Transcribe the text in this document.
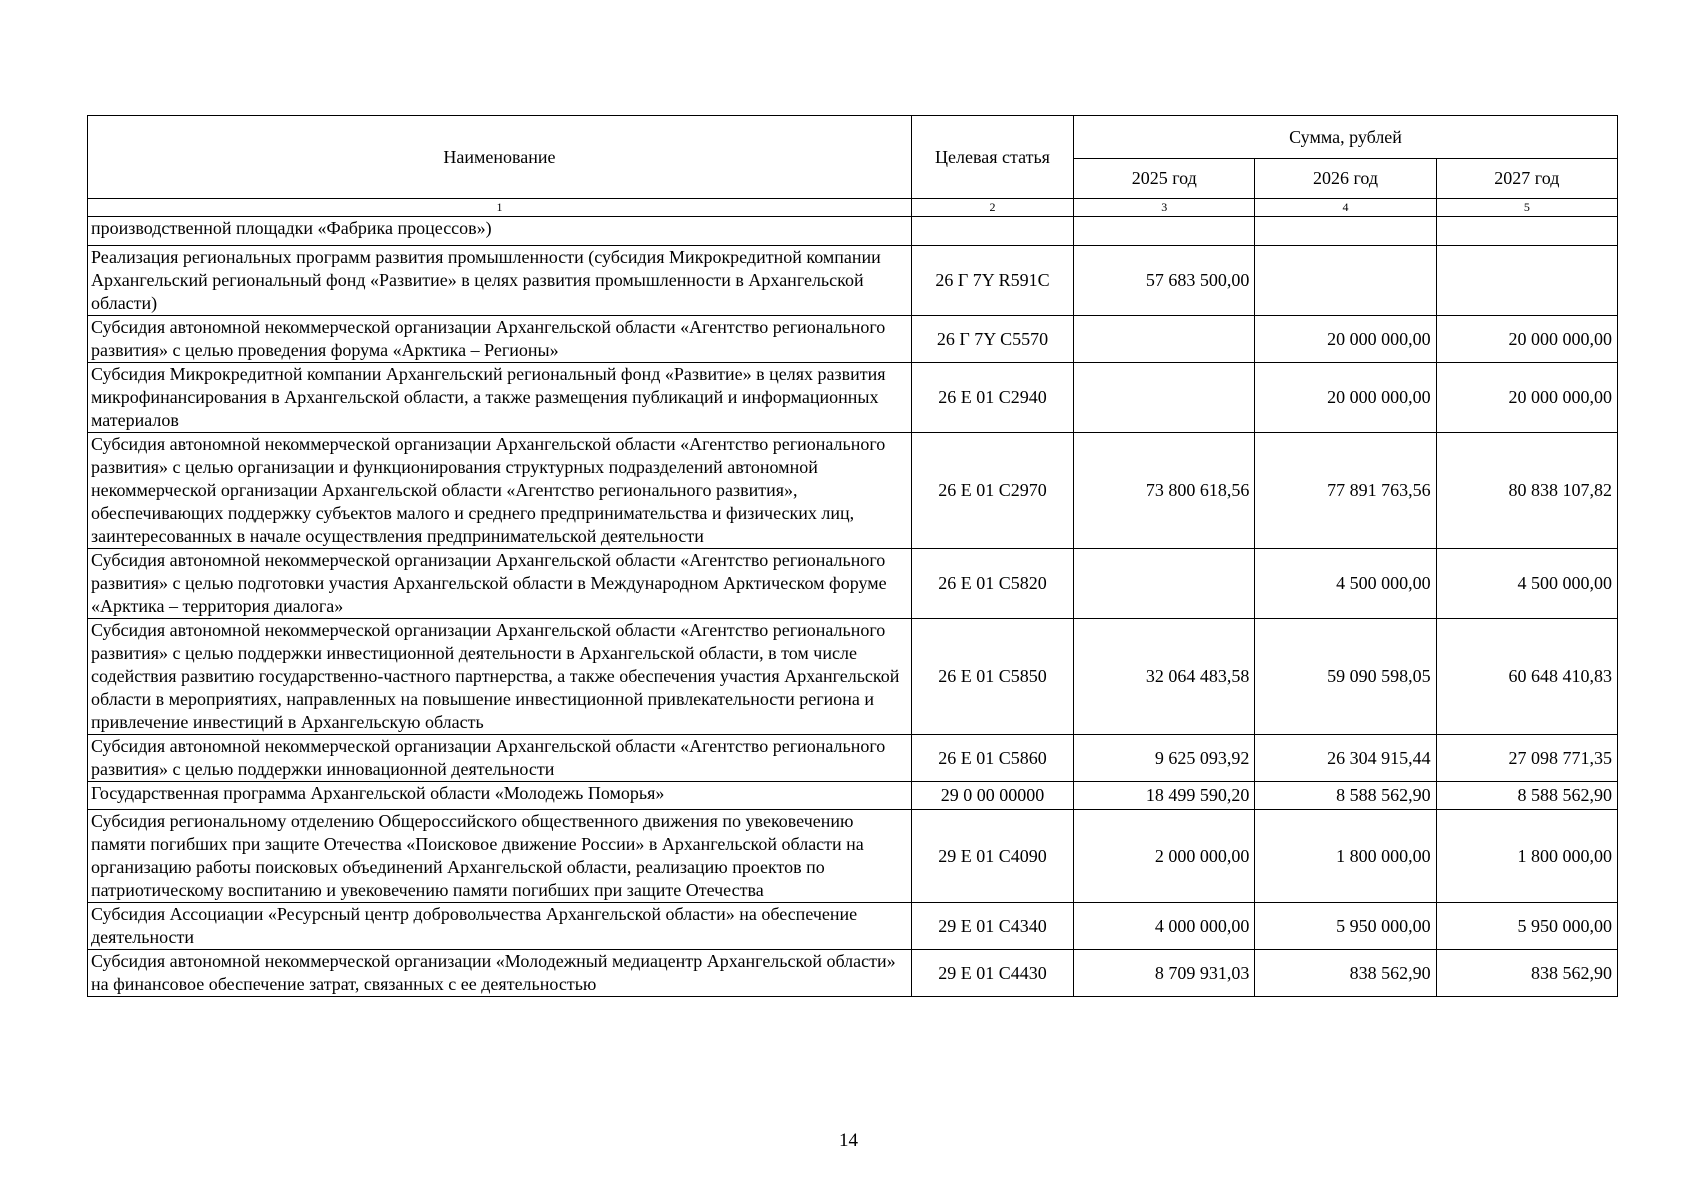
Наименование	Целевая статья	Сумма, рублей		
		2025 год	2026 год	2027 год
1	2	3	4	5
производственной площадки «Фабрика процессов»)				
Реализация региональных программ развития промышленности (субсидия Микрокредитной компании Архангельский региональный фонд «Развитие» в целях развития промышленности в Архангельской области)	26 Г 7Y R591C	57 683 500,00		
Субсидия автономной некоммерческой организации Архангельской области «Агентство регионального развития» с целью проведения форума «Арктика – Регионы»	26 Г 7Y C5570		20 000 000,00	20 000 000,00
Субсидия Микрокредитной компании Архангельский региональный фонд «Развитие» в целях развития микрофинансирования в Архангельской области, а также размещения публикаций и информационных материалов	26 Е 01 С2940		20 000 000,00	20 000 000,00
Субсидия автономной некоммерческой организации Архангельской области «Агентство регионального развития» с целью организации и функционирования структурных подразделений автономной некоммерческой организации Архангельской области «Агентство регионального развития», обеспечивающих поддержку субъектов малого и среднего предпринимательства и физических лиц, заинтересованных в начале осуществления предпринимательской деятельности	26 Е 01 С2970	73 800 618,56	77 891 763,56	80 838 107,82
Субсидия автономной некоммерческой организации Архангельской области «Агентство регионального развития» с целью подготовки участия Архангельской области в Международном Арктическом форуме «Арктика – территория диалога»	26 Е 01 С5820		4 500 000,00	4 500 000,00
Субсидия автономной некоммерческой организации Архангельской области «Агентство регионального развития» с целью поддержки инвестиционной деятельности в Архангельской области, в том числе содействия развитию государственно-частного партнерства, а также обеспечения участия Архангельской области в мероприятиях, направленных на повышение инвестиционной привлекательности региона и привлечение инвестиций в Архангельскую область	26 Е 01 С5850	32 064 483,58	59 090 598,05	60 648 410,83
Субсидия автономной некоммерческой организации Архангельской области «Агентство регионального развития» с целью поддержки инновационной деятельности	26 Е 01 С5860	9 625 093,92	26 304 915,44	27 098 771,35
Государственная программа Архангельской области «Молодежь Поморья»	29 0 00 00000	18 499 590,20	8 588 562,90	8 588 562,90
Субсидия региональному отделению Общероссийского общественного движения по увековечению памяти погибших при защите Отечества «Поисковое движение России» в Архангельской области на организацию работы поисковых объединений Архангельской области, реализацию проектов по патриотическому воспитанию и увековечению памяти погибших при защите Отечества	29 Е 01 С4090	2 000 000,00	1 800 000,00	1 800 000,00
Субсидия Ассоциации «Ресурсный центр добровольчества Архангельской области» на обеспечение деятельности	29 Е 01 С4340	4 000 000,00	5 950 000,00	5 950 000,00
Субсидия автономной некоммерческой организации «Молодежный медиацентр Архангельской области» на финансовое обеспечение затрат, связанных с ее деятельностью	29 Е 01 С4430	8 709 931,03	838 562,90	838 562,90
14
